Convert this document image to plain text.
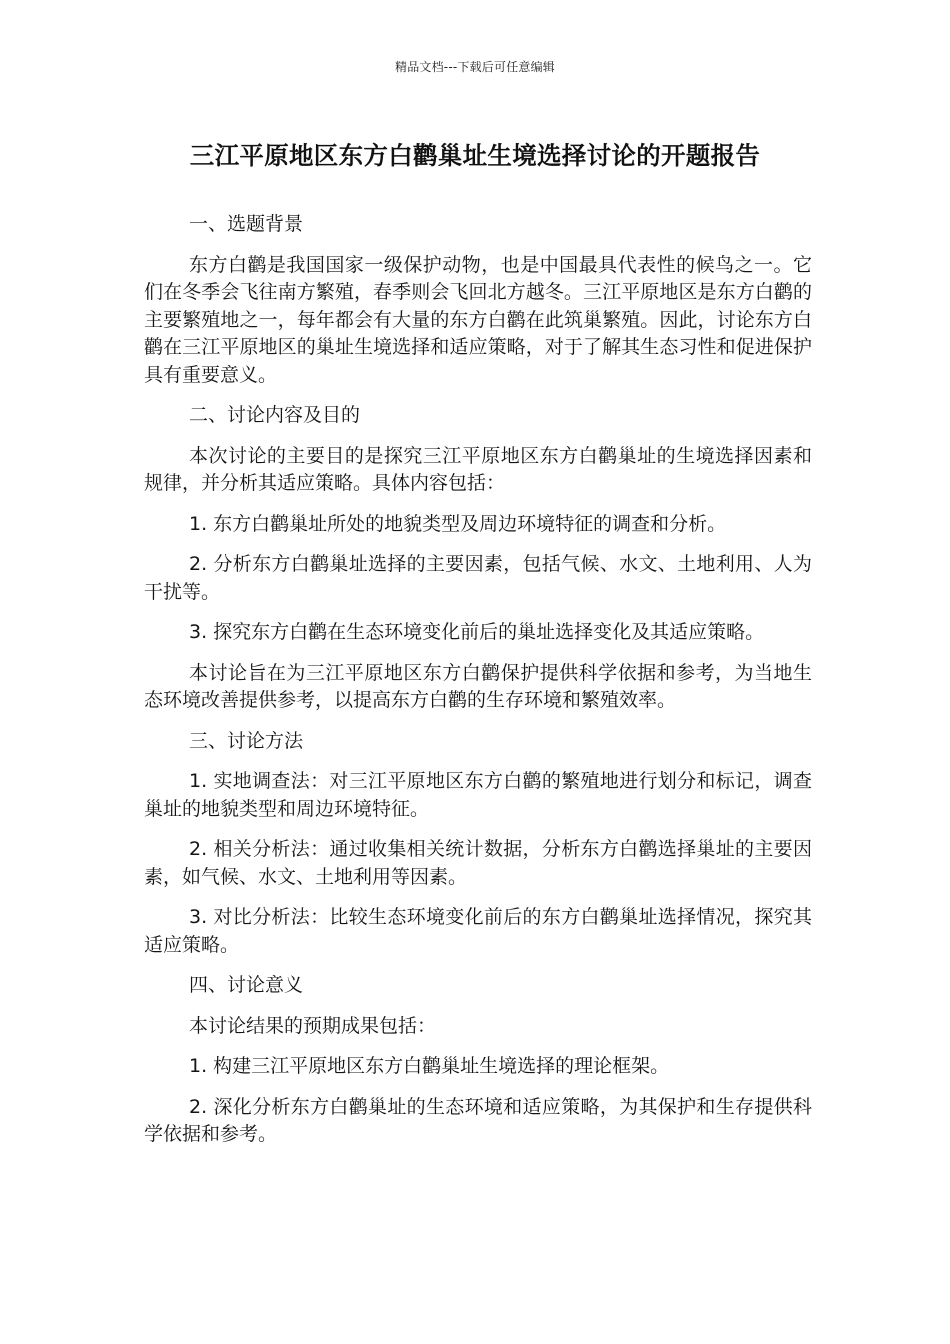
精品文档---下载后可任意编辑
三江平原地区东方白鹳巢址生境选择讨论的开题报告

一、选题背景

东方白鹳是我国国家一级保护动物，也是中国最具代表性的候鸟之一。它们在冬季会飞往南方繁殖，春季则会飞回北方越冬。三江平原地区是东方白鹳的主要繁殖地之一，每年都会有大量的东方白鹳在此筑巢繁殖。因此，讨论东方白鹳在三江平原地区的巢址生境选择和适应策略，对于了解其生态习性和促进保护具有重要意义。

二、讨论内容及目的

本次讨论的主要目的是探究三江平原地区东方白鹳巢址的生境选择因素和规律，并分析其适应策略。具体内容包括：

1. 东方白鹳巢址所处的地貌类型及周边环境特征的调查和分析。

2. 分析东方白鹳巢址选择的主要因素，包括气候、水文、土地利用、人为干扰等。

3. 探究东方白鹳在生态环境变化前后的巢址选择变化及其适应策略。

本讨论旨在为三江平原地区东方白鹳保护提供科学依据和参考，为当地生态环境改善提供参考，以提高东方白鹳的生存环境和繁殖效率。

三、讨论方法

1. 实地调查法：对三江平原地区东方白鹳的繁殖地进行划分和标记，调查巢址的地貌类型和周边环境特征。

2. 相关分析法：通过收集相关统计数据，分析东方白鹳选择巢址的主要因素，如气候、水文、土地利用等因素。

3. 对比分析法：比较生态环境变化前后的东方白鹳巢址选择情况，探究其适应策略。

四、讨论意义

本讨论结果的预期成果包括：

1. 构建三江平原地区东方白鹳巢址生境选择的理论框架。

2. 深化分析东方白鹳巢址的生态环境和适应策略，为其保护和生存提供科学依据和参考。
